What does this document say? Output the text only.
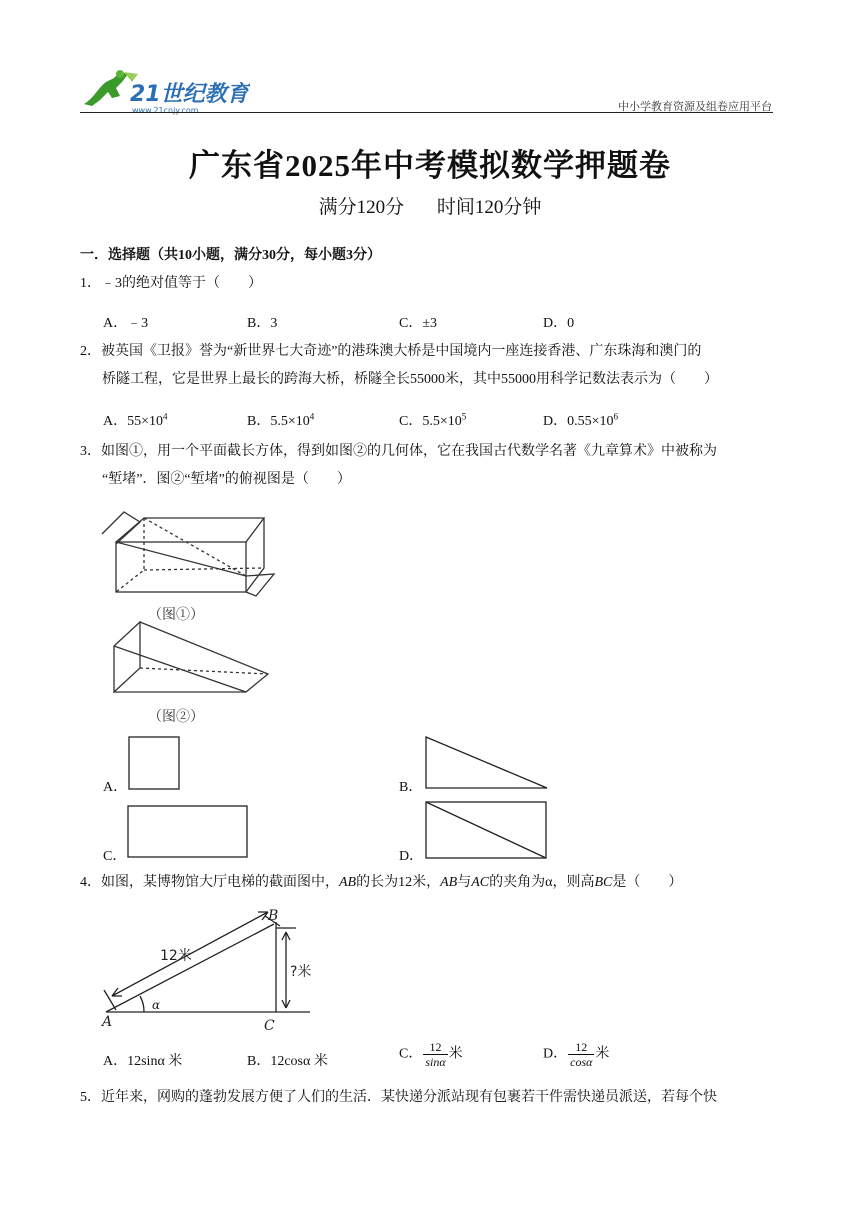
21世纪教育
www.21cnjy.com	中小学教育资源及组卷应用平台
广东省2025年中考模拟数学押题卷
满分120分 时间120分钟
一．选择题（共10小题，满分30分，每小题3分）
1．﹣3的绝对值等于（　　）
A．﹣3	B．3	C．±3	D．0
2．被英国《卫报》誉为“新世界七大奇迹”的港珠澳大桥是中国境内一座连接香港、广东珠海和澳门的
桥隧工程，它是世界上最长的跨海大桥，桥隧全长55000米，其中55000用科学记数法表示为（　　）
A．$55\times 10^4$	B．$5.5\times 10^4$	C．$5.5\times 10^5$	D．$0.55\times 10^6$
3．如图①，用一个平面截长方体，得到如图②的几何体，它在我国古代数学名著《九章算术》中被称为
“堑堵”．图②“堑堵”的俯视图是（　　）
（图①）
（图②）
A．	B．
C．	D．
4．如图，某博物馆大厅电梯的截面图中，AB的长为12米，AB与AC的夹角为α，则高BC是（　　）
12米
?米
A
B
C
α
A．12sinα 米	B．12cosα 米	C． $\frac{12}{\sin\alpha}$ 米	D． $\frac{12}{\cos\alpha}$ 米
5．近年来，网购的蓬勃发展方便了人们的生活．某快递分派站现有包裹若干件需快递员派送，若每个快
